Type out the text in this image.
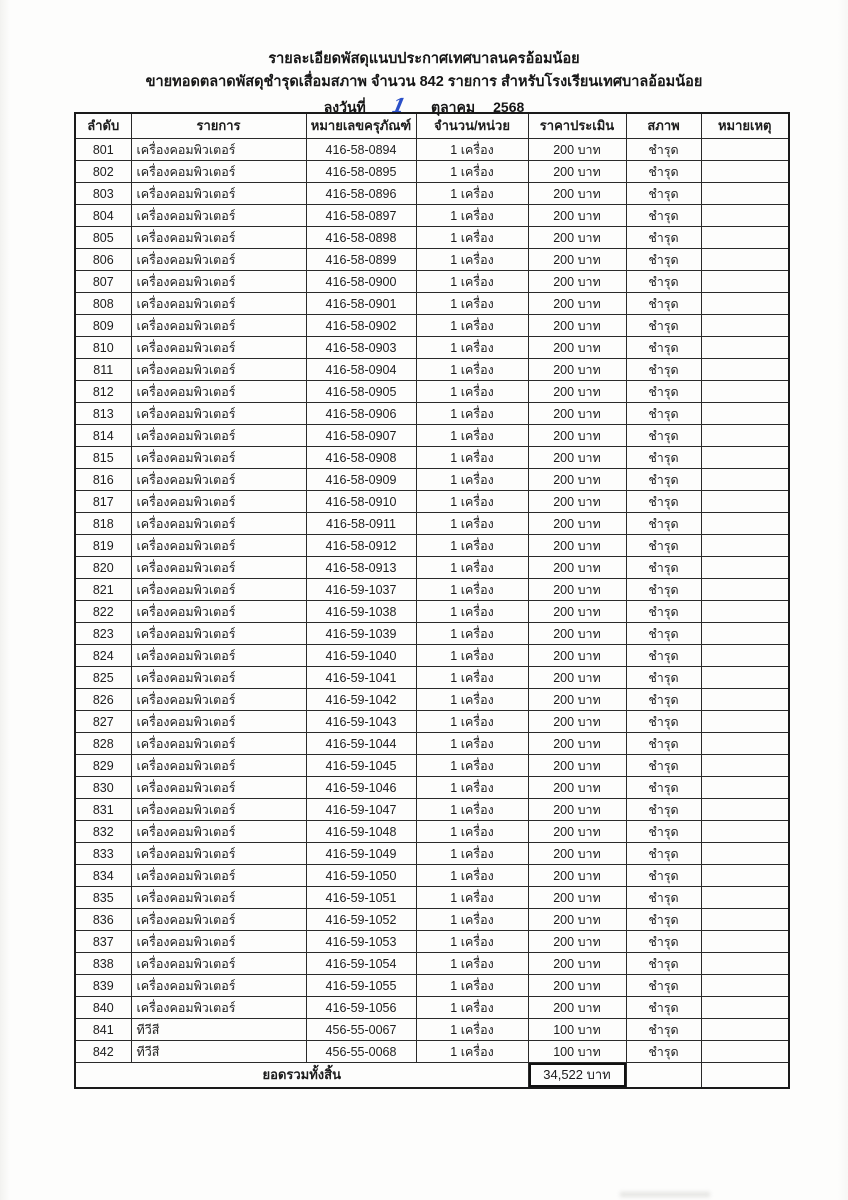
รายละเอียดพัสดุแนบประกาศเทศบาลนครอ้อมน้อย
ขายทอดตลาดพัสดุชำรุดเสื่อมสภาพ จำนวน 842 รายการ สำหรับโรงเรียนเทศบาลอ้อมน้อย
ลงวันที่ 1 ตุลาคม 2568
ลำดับ	รายการ	หมายเลขครุภัณฑ์	จำนวน/หน่วย	ราคาประเมิน	สภาพ	หมายเหตุ
801	เครื่องคอมพิวเตอร์	416-58-0894	1 เครื่อง	200 บาท	ชำรุด	
802	เครื่องคอมพิวเตอร์	416-58-0895	1 เครื่อง	200 บาท	ชำรุด	
803	เครื่องคอมพิวเตอร์	416-58-0896	1 เครื่อง	200 บาท	ชำรุด	
804	เครื่องคอมพิวเตอร์	416-58-0897	1 เครื่อง	200 บาท	ชำรุด	
805	เครื่องคอมพิวเตอร์	416-58-0898	1 เครื่อง	200 บาท	ชำรุด	
806	เครื่องคอมพิวเตอร์	416-58-0899	1 เครื่อง	200 บาท	ชำรุด	
807	เครื่องคอมพิวเตอร์	416-58-0900	1 เครื่อง	200 บาท	ชำรุด	
808	เครื่องคอมพิวเตอร์	416-58-0901	1 เครื่อง	200 บาท	ชำรุด	
809	เครื่องคอมพิวเตอร์	416-58-0902	1 เครื่อง	200 บาท	ชำรุด	
810	เครื่องคอมพิวเตอร์	416-58-0903	1 เครื่อง	200 บาท	ชำรุด	
811	เครื่องคอมพิวเตอร์	416-58-0904	1 เครื่อง	200 บาท	ชำรุด	
812	เครื่องคอมพิวเตอร์	416-58-0905	1 เครื่อง	200 บาท	ชำรุด	
813	เครื่องคอมพิวเตอร์	416-58-0906	1 เครื่อง	200 บาท	ชำรุด	
814	เครื่องคอมพิวเตอร์	416-58-0907	1 เครื่อง	200 บาท	ชำรุด	
815	เครื่องคอมพิวเตอร์	416-58-0908	1 เครื่อง	200 บาท	ชำรุด	
816	เครื่องคอมพิวเตอร์	416-58-0909	1 เครื่อง	200 บาท	ชำรุด	
817	เครื่องคอมพิวเตอร์	416-58-0910	1 เครื่อง	200 บาท	ชำรุด	
818	เครื่องคอมพิวเตอร์	416-58-0911	1 เครื่อง	200 บาท	ชำรุด	
819	เครื่องคอมพิวเตอร์	416-58-0912	1 เครื่อง	200 บาท	ชำรุด	
820	เครื่องคอมพิวเตอร์	416-58-0913	1 เครื่อง	200 บาท	ชำรุด	
821	เครื่องคอมพิวเตอร์	416-59-1037	1 เครื่อง	200 บาท	ชำรุด	
822	เครื่องคอมพิวเตอร์	416-59-1038	1 เครื่อง	200 บาท	ชำรุด	
823	เครื่องคอมพิวเตอร์	416-59-1039	1 เครื่อง	200 บาท	ชำรุด	
824	เครื่องคอมพิวเตอร์	416-59-1040	1 เครื่อง	200 บาท	ชำรุด	
825	เครื่องคอมพิวเตอร์	416-59-1041	1 เครื่อง	200 บาท	ชำรุด	
826	เครื่องคอมพิวเตอร์	416-59-1042	1 เครื่อง	200 บาท	ชำรุด	
827	เครื่องคอมพิวเตอร์	416-59-1043	1 เครื่อง	200 บาท	ชำรุด	
828	เครื่องคอมพิวเตอร์	416-59-1044	1 เครื่อง	200 บาท	ชำรุด	
829	เครื่องคอมพิวเตอร์	416-59-1045	1 เครื่อง	200 บาท	ชำรุด	
830	เครื่องคอมพิวเตอร์	416-59-1046	1 เครื่อง	200 บาท	ชำรุด	
831	เครื่องคอมพิวเตอร์	416-59-1047	1 เครื่อง	200 บาท	ชำรุด	
832	เครื่องคอมพิวเตอร์	416-59-1048	1 เครื่อง	200 บาท	ชำรุด	
833	เครื่องคอมพิวเตอร์	416-59-1049	1 เครื่อง	200 บาท	ชำรุด	
834	เครื่องคอมพิวเตอร์	416-59-1050	1 เครื่อง	200 บาท	ชำรุด	
835	เครื่องคอมพิวเตอร์	416-59-1051	1 เครื่อง	200 บาท	ชำรุด	
836	เครื่องคอมพิวเตอร์	416-59-1052	1 เครื่อง	200 บาท	ชำรุด	
837	เครื่องคอมพิวเตอร์	416-59-1053	1 เครื่อง	200 บาท	ชำรุด	
838	เครื่องคอมพิวเตอร์	416-59-1054	1 เครื่อง	200 บาท	ชำรุด	
839	เครื่องคอมพิวเตอร์	416-59-1055	1 เครื่อง	200 บาท	ชำรุด	
840	เครื่องคอมพิวเตอร์	416-59-1056	1 เครื่อง	200 บาท	ชำรุด	
841	ทีวีสี	456-55-0067	1 เครื่อง	100 บาท	ชำรุด	
842	ทีวีสี	456-55-0068	1 เครื่อง	100 บาท	ชำรุด	
ยอดรวมทั้งสิ้น				34,522 บาท		
